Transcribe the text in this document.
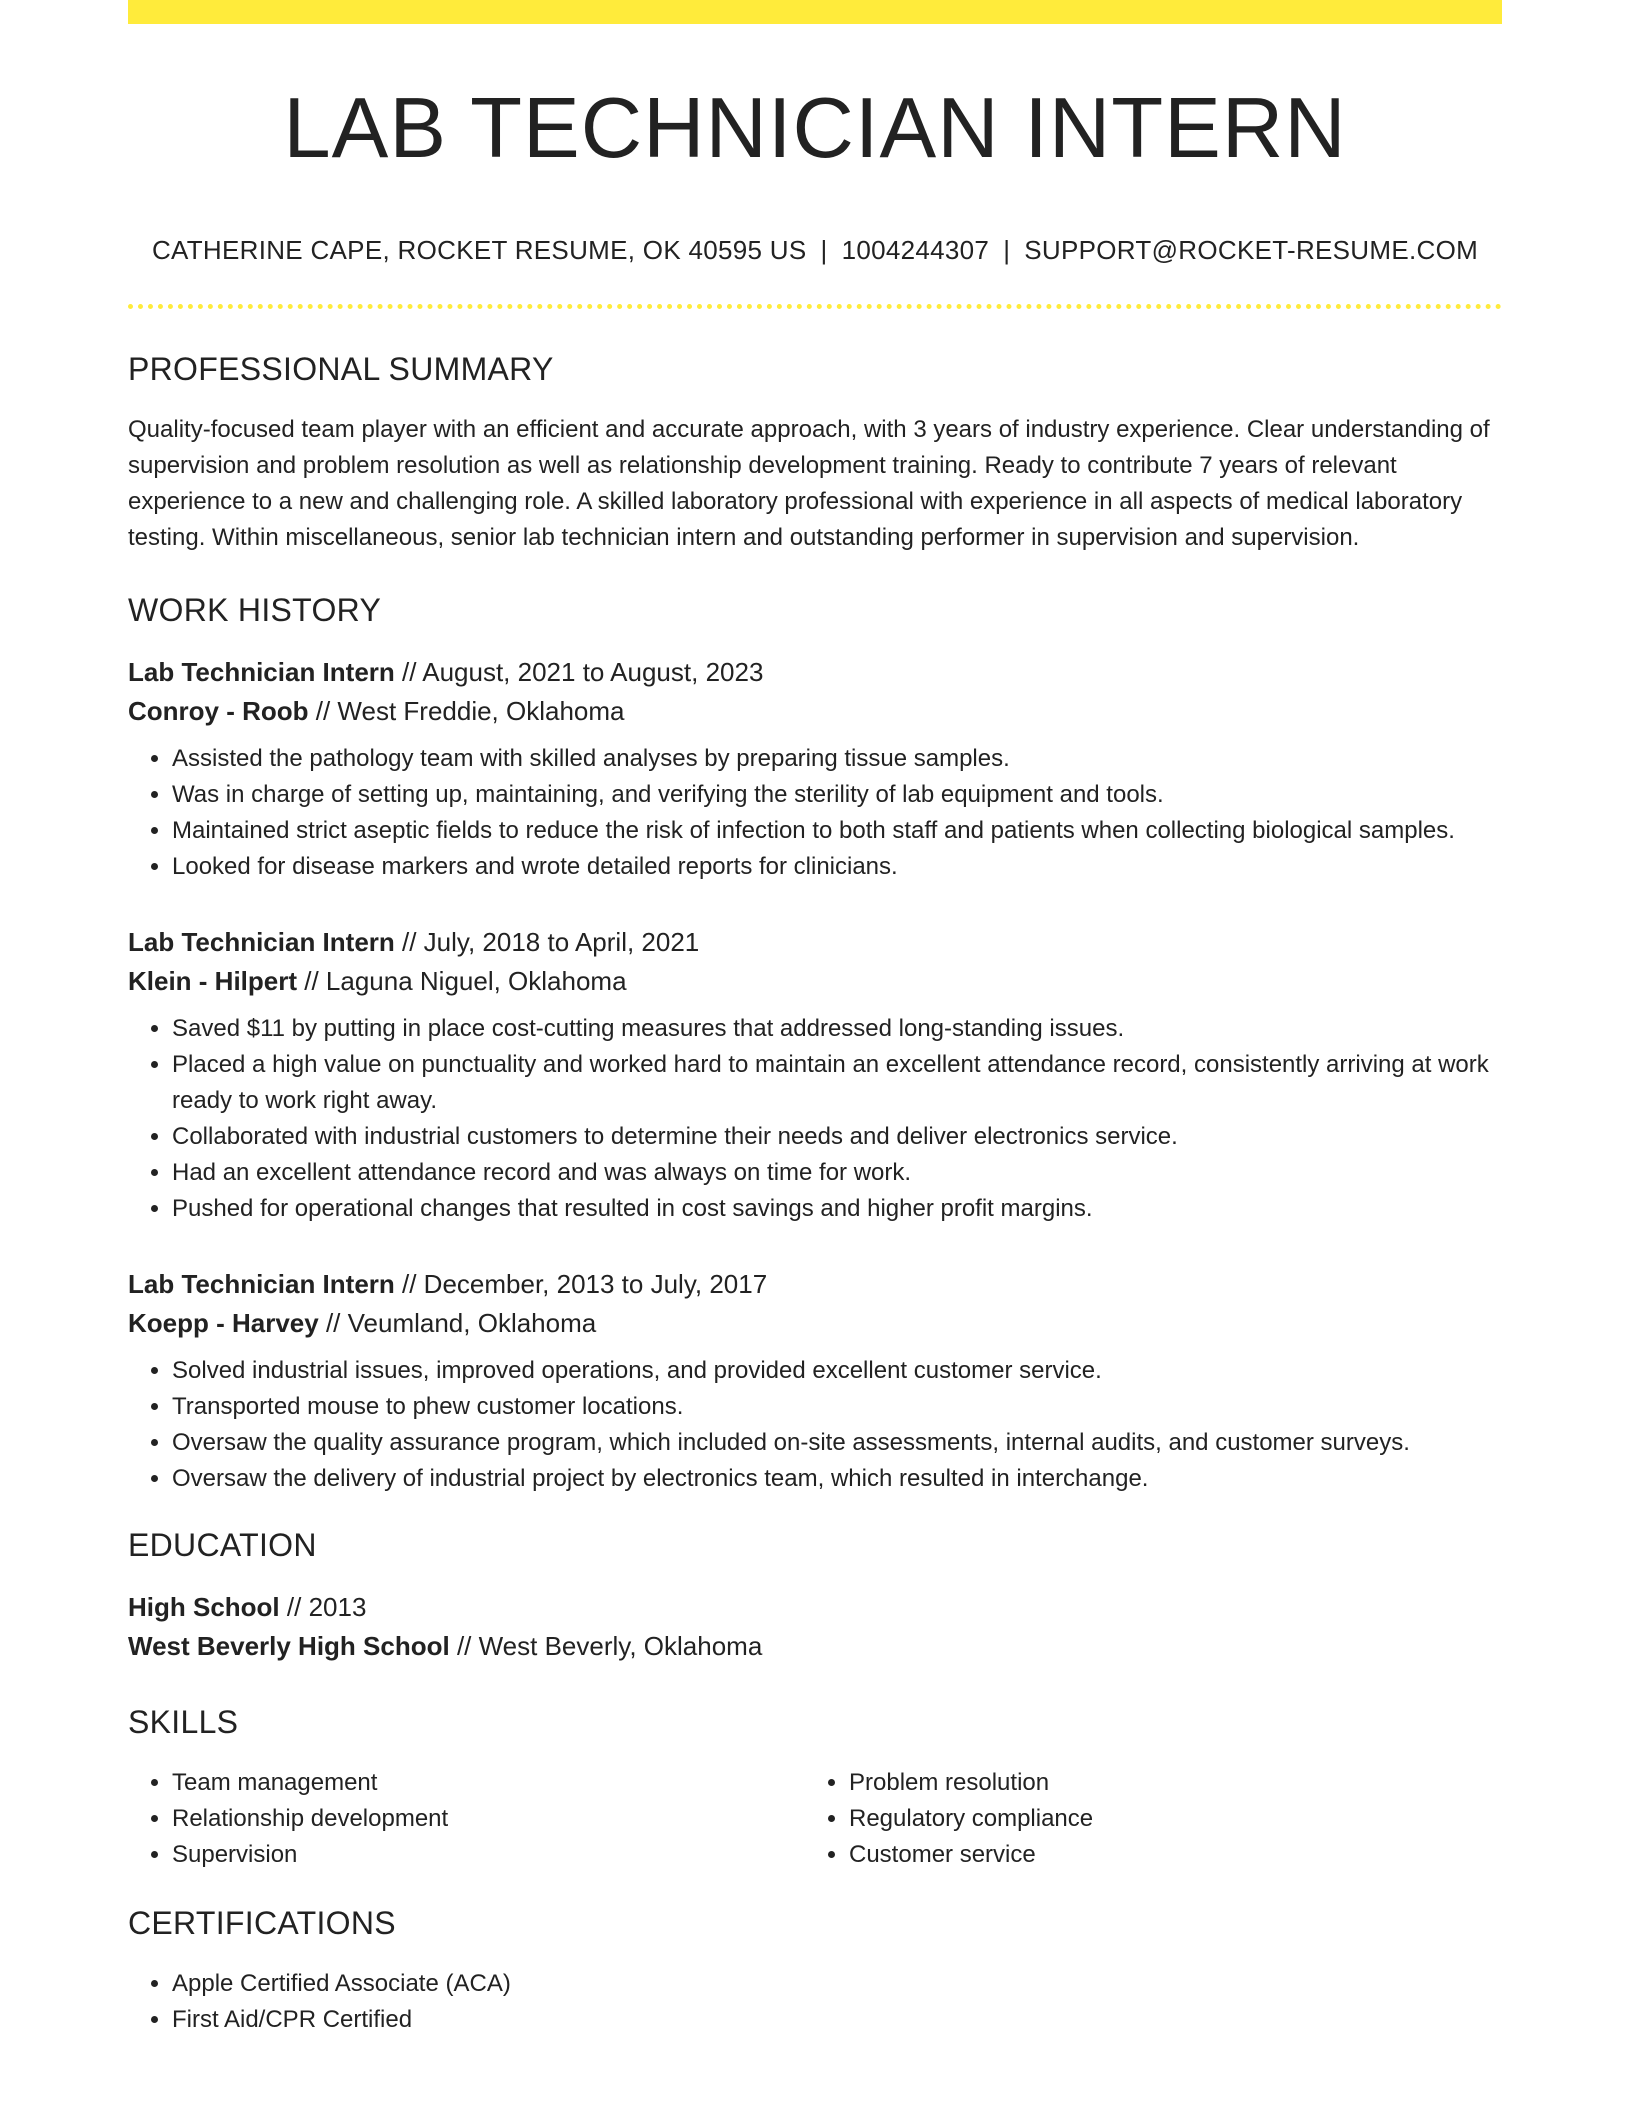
LAB TECHNICIAN INTERN
CATHERINE CAPE, ROCKET RESUME, OK 40595 US | 1004244307 | SUPPORT@ROCKET-RESUME.COM
PROFESSIONAL SUMMARY

Quality-focused team player with an efficient and accurate approach, with 3 years of industry experience. Clear understanding of supervision and problem resolution as well as relationship development training. Ready to contribute 7 years of relevant experience to a new and challenging role. A skilled laboratory professional with experience in all aspects of medical laboratory testing. Within miscellaneous, senior lab technician intern and outstanding performer in supervision and supervision.

WORK HISTORY
Lab Technician Intern // August, 2021 to August, 2023
Conroy - Roob // West Freddie, Oklahoma
• Assisted the pathology team with skilled analyses by preparing tissue samples.
• Was in charge of setting up, maintaining, and verifying the sterility of lab equipment and tools.
• Maintained strict aseptic fields to reduce the risk of infection to both staff and patients when collecting biological samples.
• Looked for disease markers and wrote detailed reports for clinicians.
Lab Technician Intern // July, 2018 to April, 2021
Klein - Hilpert // Laguna Niguel, Oklahoma
• Saved $11 by putting in place cost-cutting measures that addressed long-standing issues.
• Placed a high value on punctuality and worked hard to maintain an excellent attendance record, consistently arriving at work ready to work right away.
• Collaborated with industrial customers to determine their needs and deliver electronics service.
• Had an excellent attendance record and was always on time for work.
• Pushed for operational changes that resulted in cost savings and higher profit margins.
Lab Technician Intern // December, 2013 to July, 2017
Koepp - Harvey // Veumland, Oklahoma
• Solved industrial issues, improved operations, and provided excellent customer service.
• Transported mouse to phew customer locations.
• Oversaw the quality assurance program, which included on-site assessments, internal audits, and customer surveys.
• Oversaw the delivery of industrial project by electronics team, which resulted in interchange.
EDUCATION
High School // 2013
West Beverly High School // West Beverly, Oklahoma
SKILLS
• Team management
• Relationship development
• Supervision
• Problem resolution
• Regulatory compliance
• Customer service
CERTIFICATIONS
• Apple Certified Associate (ACA)
• First Aid/CPR Certified
